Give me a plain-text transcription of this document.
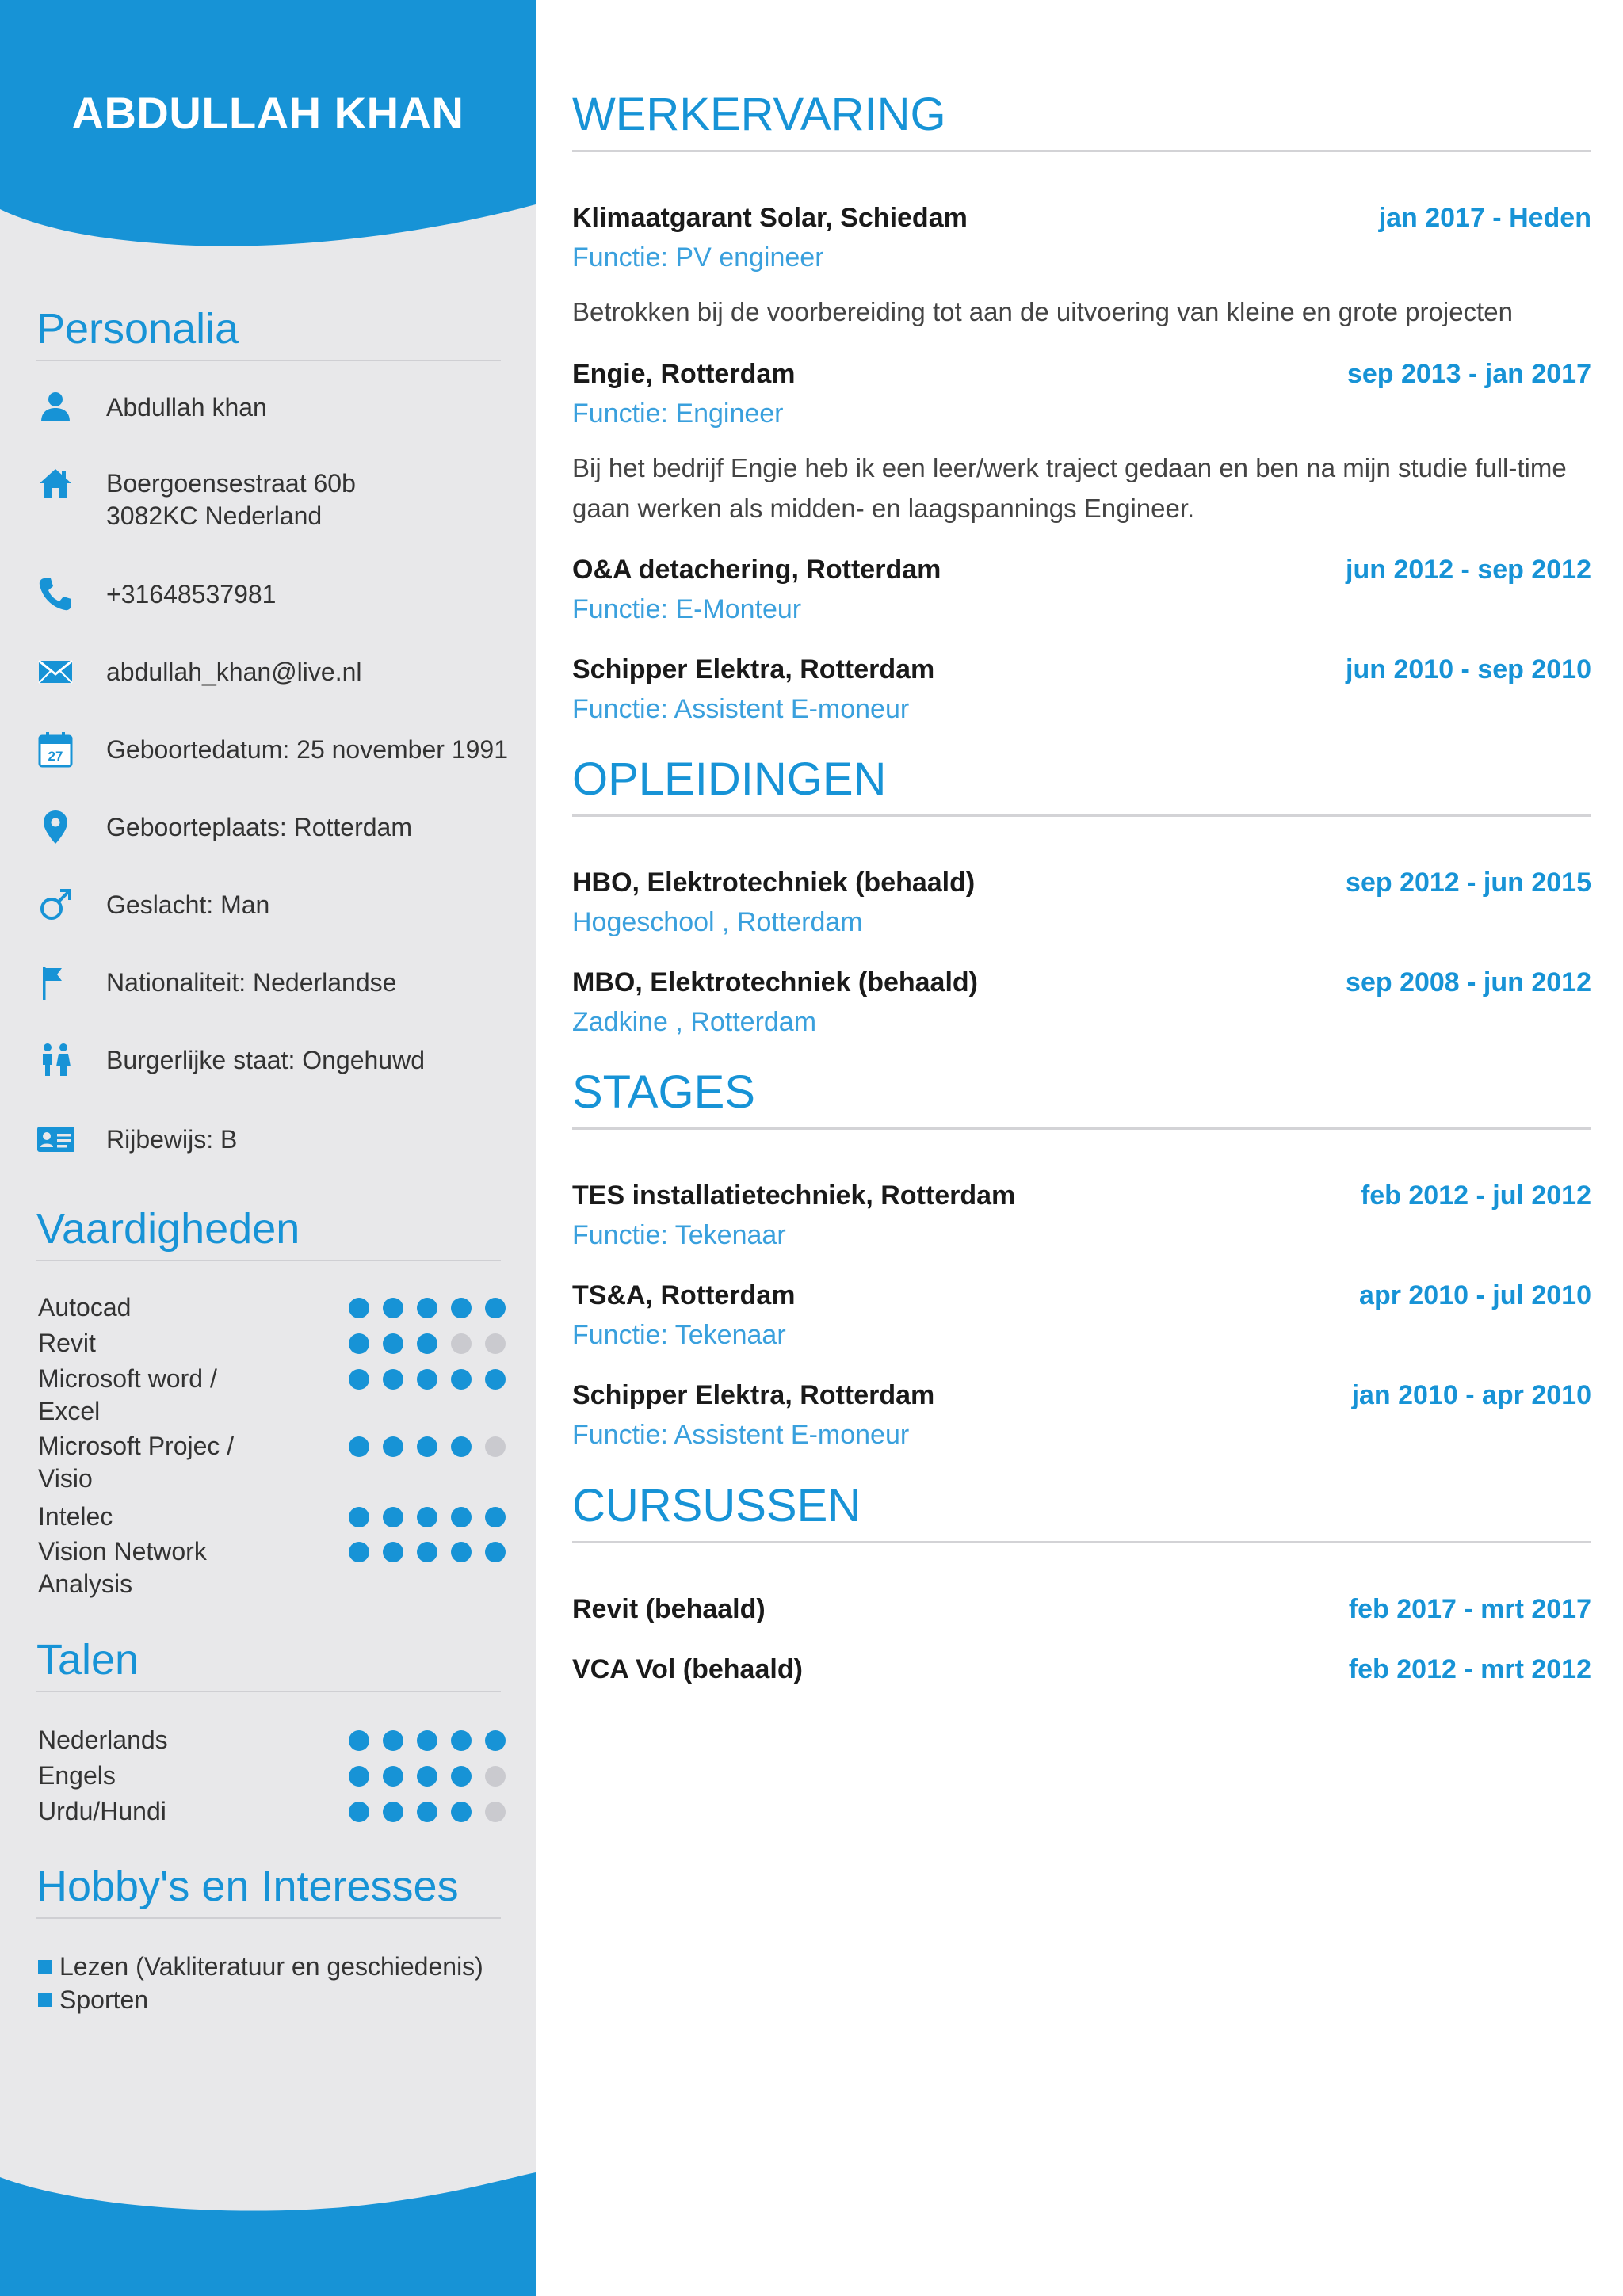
ABDULLAH KHAN
Personalia
Abdullah khan
Boergoensestraat 60b
3082KC Nederland
+31648537981
abdullah_khan@live.nl
27 Geboortedatum: 25 november 1991
Geboorteplaats: Rotterdam
Geslacht: Man
Nationaliteit: Nederlandse
Burgerlijke staat: Ongehuwd
Rijbewijs: B
Vaardigheden
Autocad
Revit
Microsoft word /
Excel
Microsoft Projec /
Visio
Intelec
Vision Network
Analysis
Talen
Nederlands
Engels
Urdu/Hundi
Hobby's en Interesses
Lezen (Vakliteratuur en geschiedenis)
Sporten
WERKERVARING
Klimaatgarant Solar, Schiedam	jan 2017 - Heden
Functie: PV engineer
Betrokken bij de voorbereiding tot aan de uitvoering van kleine en grote projecten
Engie, Rotterdam	sep 2013 - jan 2017
Functie: Engineer
Bij het bedrijf Engie heb ik een leer/werk traject gedaan en ben na mijn studie full-time gaan werken als midden- en laagspannings Engineer.
O&A detachering, Rotterdam	jun 2012 - sep 2012
Functie: E-Monteur
Schipper Elektra, Rotterdam	jun 2010 - sep 2010
Functie: Assistent E-moneur
OPLEIDINGEN
HBO, Elektrotechniek (behaald)	sep 2012 - jun 2015
Hogeschool , Rotterdam
MBO, Elektrotechniek (behaald)	sep 2008 - jun 2012
Zadkine , Rotterdam
STAGES
TES installatietechniek, Rotterdam	feb 2012 - jul 2012
Functie: Tekenaar
TS&A, Rotterdam	apr 2010 - jul 2010
Functie: Tekenaar
Schipper Elektra, Rotterdam	jan 2010 - apr 2010
Functie: Assistent E-moneur
CURSUSSEN
Revit (behaald)	feb 2017 - mrt 2017
VCA Vol (behaald)	feb 2012 - mrt 2012
